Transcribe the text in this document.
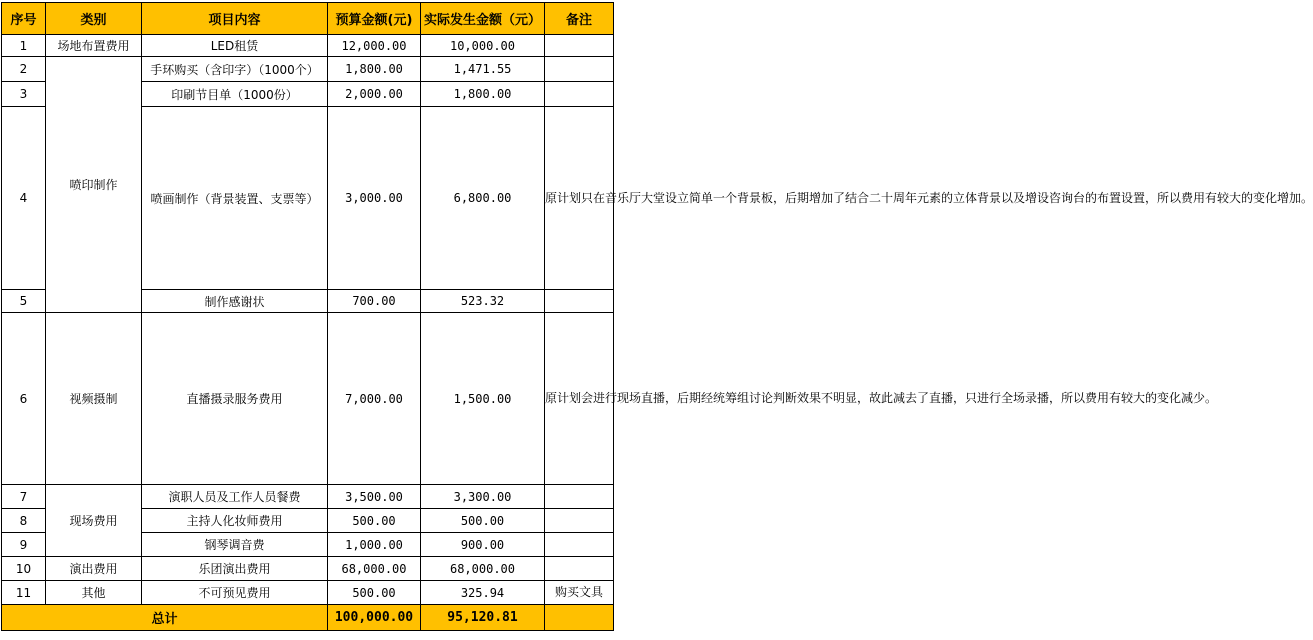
序号	类别	项目内容	预算金额(元)	实际发生金额（元）	备注
1	场地布置费用	LED租赁	12,000.00	10,000.00	
2	喷印制作	手环购买（含印字）（1000个）	1,800.00	1,471.55	
3		印刷节目单（1000份）	2,000.00	1,800.00	
4		喷画制作（背景装置、支票等）	3,000.00	6,800.00	原计划只在音乐厅大堂设立简单一个背景板，后期增加了结合二十周年元素的立体背景以及增设咨询台的布置设置，所以费用有较大的变化增加。
5		制作感谢状	700.00	523.32	
6	视频摄制	直播摄录服务费用	7,000.00	1,500.00	原计划会进行现场直播，后期经统筹组讨论判断效果不明显，故此减去了直播，只进行全场录播，所以费用有较大的变化减少。
7	现场费用	演职人员及工作人员餐费	3,500.00	3,300.00	
8		主持人化妆师费用	500.00	500.00	
9		钢琴调音费	1,000.00	900.00	
10	演出费用	乐团演出费用	68,000.00	68,000.00	
11	其他	不可预见费用	500.00	325.94	购买文具
总计			100,000.00	95,120.81	
